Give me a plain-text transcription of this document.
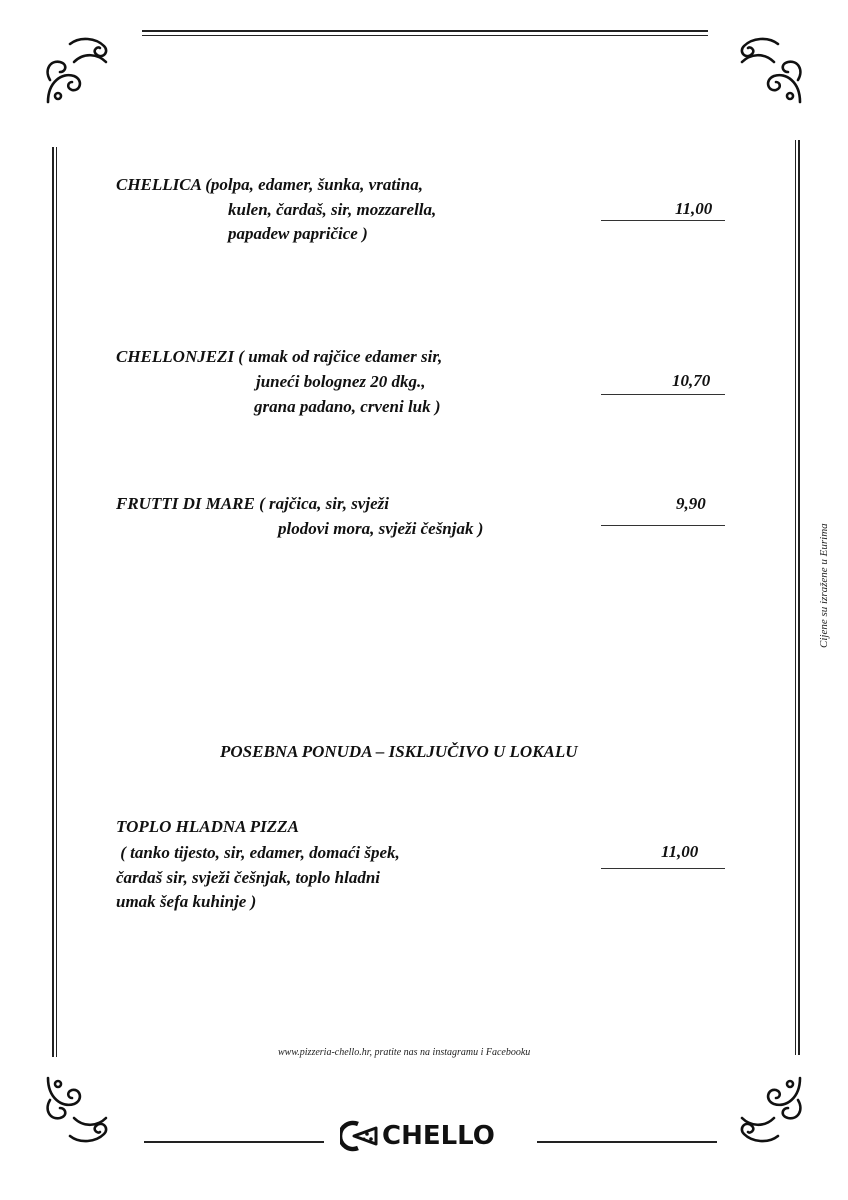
CHELLICA (polpa, edamer, šunka, vratina,
kulen, čardaš, sir, mozzarella,
papadew papričice )
11,00
CHELLONJEZI ( umak od rajčice edamer sir,
juneći bolognez 20 dkg.,
grana padano, crveni luk )
10,70
FRUTTI DI MARE ( rajčica, sir, svježi
plodovi mora, svježi češnjak )
9,90
POSEBNA PONUDA – ISKLJUČIVO U LOKALU
TOPLO HLADNA PIZZA
( tanko tijesto, sir, edamer, domaći špek,
čardaš sir, svježi češnjak, toplo hladni
umak šefa kuhinje )
11,00
Cijene su izražene u Eurima
www.pizzeria-chello.hr, pratite nas na instagramu i Facebooku
CHELLO
